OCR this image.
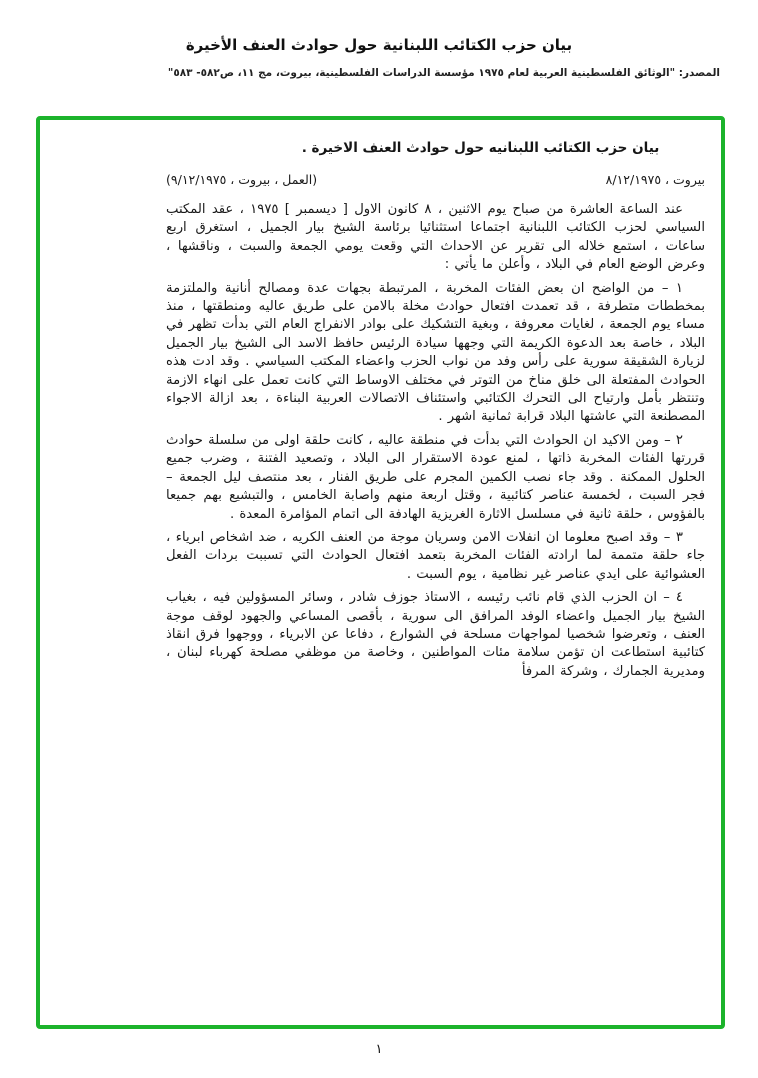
بيان حزب الكتائب اللبنانية حول حوادث العنف الأخيرة
المصدر: "الوثائق الفلسطينية العربية لعام ١٩٧٥ مؤسسة الدراسات الفلسطينية، بيروت، مج ١١، ص٥٨٢- ٥٨٣"
بيان حزب الكتائب اللبنانيه حول حوادث العنف الاخيرة .
بيروت ، ٨/١٢/١٩٧٥
(العمل ، بيروت ، ٩/١٢/١٩٧٥)

عند الساعة العاشرة من صباح يوم الاثنين ، ٨ كانون الاول [ ديسمبر ] ١٩٧٥ ، عقد المكتب السياسي لحزب الكتائب اللبنانية اجتماعا استثنائيا برئاسة الشيخ بيار الجميل ، استغرق اربع ساعات ، استمع خلاله الى تقرير عن الاحداث التي وقعت يومي الجمعة والسبت ، وناقشها ، وعرض الوضع العام في البلاد ، وأعلن ما يأتي :

١ – من الواضح ان بعض الفئات المخربة ، المرتبطة بجهات عدة ومصالح أنانية والملتزمة بمخططات متطرفة ، قد تعمدت افتعال حوادث مخلة بالامن على طريق عاليه ومنطقتها ، منذ مساء يوم الجمعة ، لغايات معروفة ، وبغية التشكيك على بوادر الانفراج العام التي بدأت تظهر في البلاد ، خاصة بعد الدعوة الكريمة التي وجهها سيادة الرئيس حافظ الاسد الى الشيخ بيار الجميل لزيارة الشقيقة سورية على رأس وفد من نواب الحزب واعضاء المكتب السياسي . وقد ادت هذه الحوادث المفتعلة الى خلق مناخ من التوتر في مختلف الاوساط التي كانت تعمل على انهاء الازمة وتنتظر بأمل وارتياح الى التحرك الكتائبي واستئناف الاتصالات العربية البناءة ، بعد ازالة الاجواء المصطنعة التي عاشتها البلاد قرابة ثمانية اشهر .

٢ – ومن الاكيد ان الحوادث التي بدأت في منطقة عاليه ، كانت حلقة اولى من سلسلة حوادث قررتها الفئات المخربة ذاتها ، لمنع عودة الاستقرار الى البلاد ، وتصعيد الفتنة ، وضرب جميع الحلول الممكنة . وقد جاء نصب الكمين المجرم على طريق الفنار ، بعد منتصف ليل الجمعة – فجر السبت ، لخمسة عناصر كتائبية ، وقتل اربعة منهم واصابة الخامس ، والتبشيع بهم جميعا بالفؤوس ، حلقة ثانية في مسلسل الاثارة الغريزية الهادفة الى اتمام المؤامرة المعدة .

٣ – وقد اصبح معلوما ان انفلات الامن وسريان موجة من العنف الكريه ، ضد اشخاص ابرياء ، جاء حلقة متممة لما ارادته الفئات المخربة بتعمد افتعال الحوادث التي تسببت بردات الفعل العشوائية على ايدي عناصر غير نظامية ، يوم السبت .

٤ – ان الحزب الذي قام نائب رئيسه ، الاستاذ جوزف شادر ، وسائر المسؤولين فيه ، بغياب الشيخ بيار الجميل واعضاء الوفد المرافق الى سورية ، بأقصى المساعي والجهود لوقف موجة العنف ، وتعرضوا شخصيا لمواجهات مسلحة في الشوارع ، دفاعا عن الابرياء ، ووجهوا فرق انقاذ كتائبية استطاعت ان تؤمن سلامة مئات المواطنين ، وخاصة من موظفي مصلحة كهرباء لبنان ، ومديرية الجمارك ، وشركة المرفأ

١
